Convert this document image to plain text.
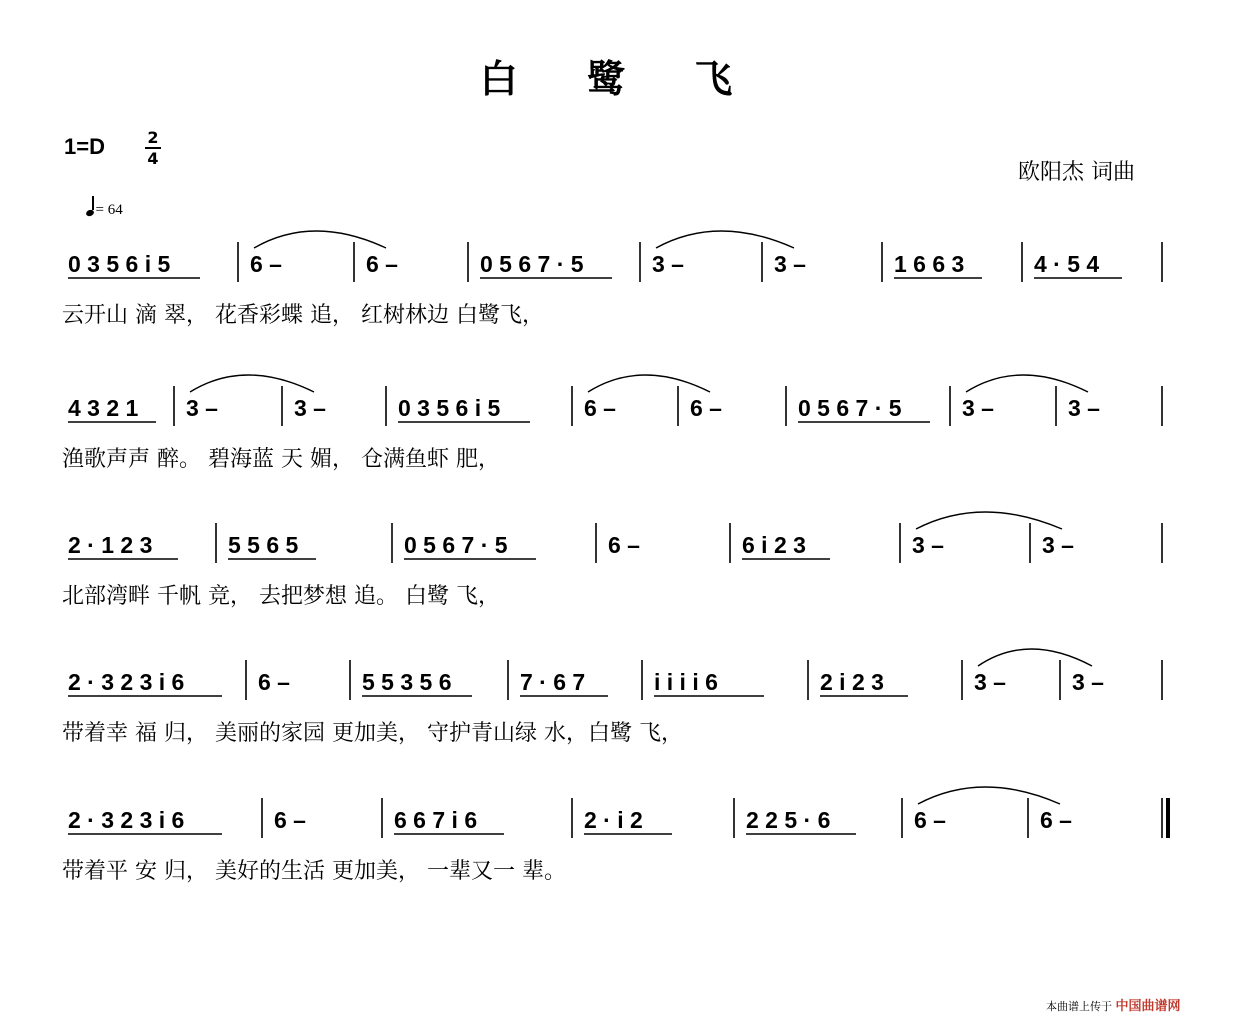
白 鹭 飞
1=D	2
4
= 64
欧阳杰 词曲
0 3 5 6 i 5	6 –	6 –	0 5 6 7 · 5	3 –	3 –	1 6 6 3	4 · 5 4
云开山 滴 翠， 花香彩蝶 追， 红树林边 白鹭飞，
4 3 2 1 3 –	3 –	0 3 5 6 i 5	6 –	6 –	0 5 6 7 · 5	3 –	3 –
渔歌声声 醉。 碧海蓝 天 媚， 仓满鱼虾 肥，
2 · 1 2 3	5 5 6 5	0 5 6 7 · 5	6 –	6 i 2 3	3 –	3 –
北部湾畔 千帆 竞， 去把梦想 追。 白鹭 飞，
2 · 3 2 3 i 6	6 –	5 5 3 5 6	7 · 6 7	i i i i 6	2 i 2 3	3 –	3 –
带着幸 福 归， 美丽的家园 更加美， 守护青山绿 水，白鹭 飞，
2 · 3 2 3 i 6	6 –	6 6 7 i 6	2 · i 2	2 2 5 · 6	6 –	6 –
带着平 安 归， 美好的生活 更加美， 一辈又一 辈。
本曲谱上传于 中国曲谱网
